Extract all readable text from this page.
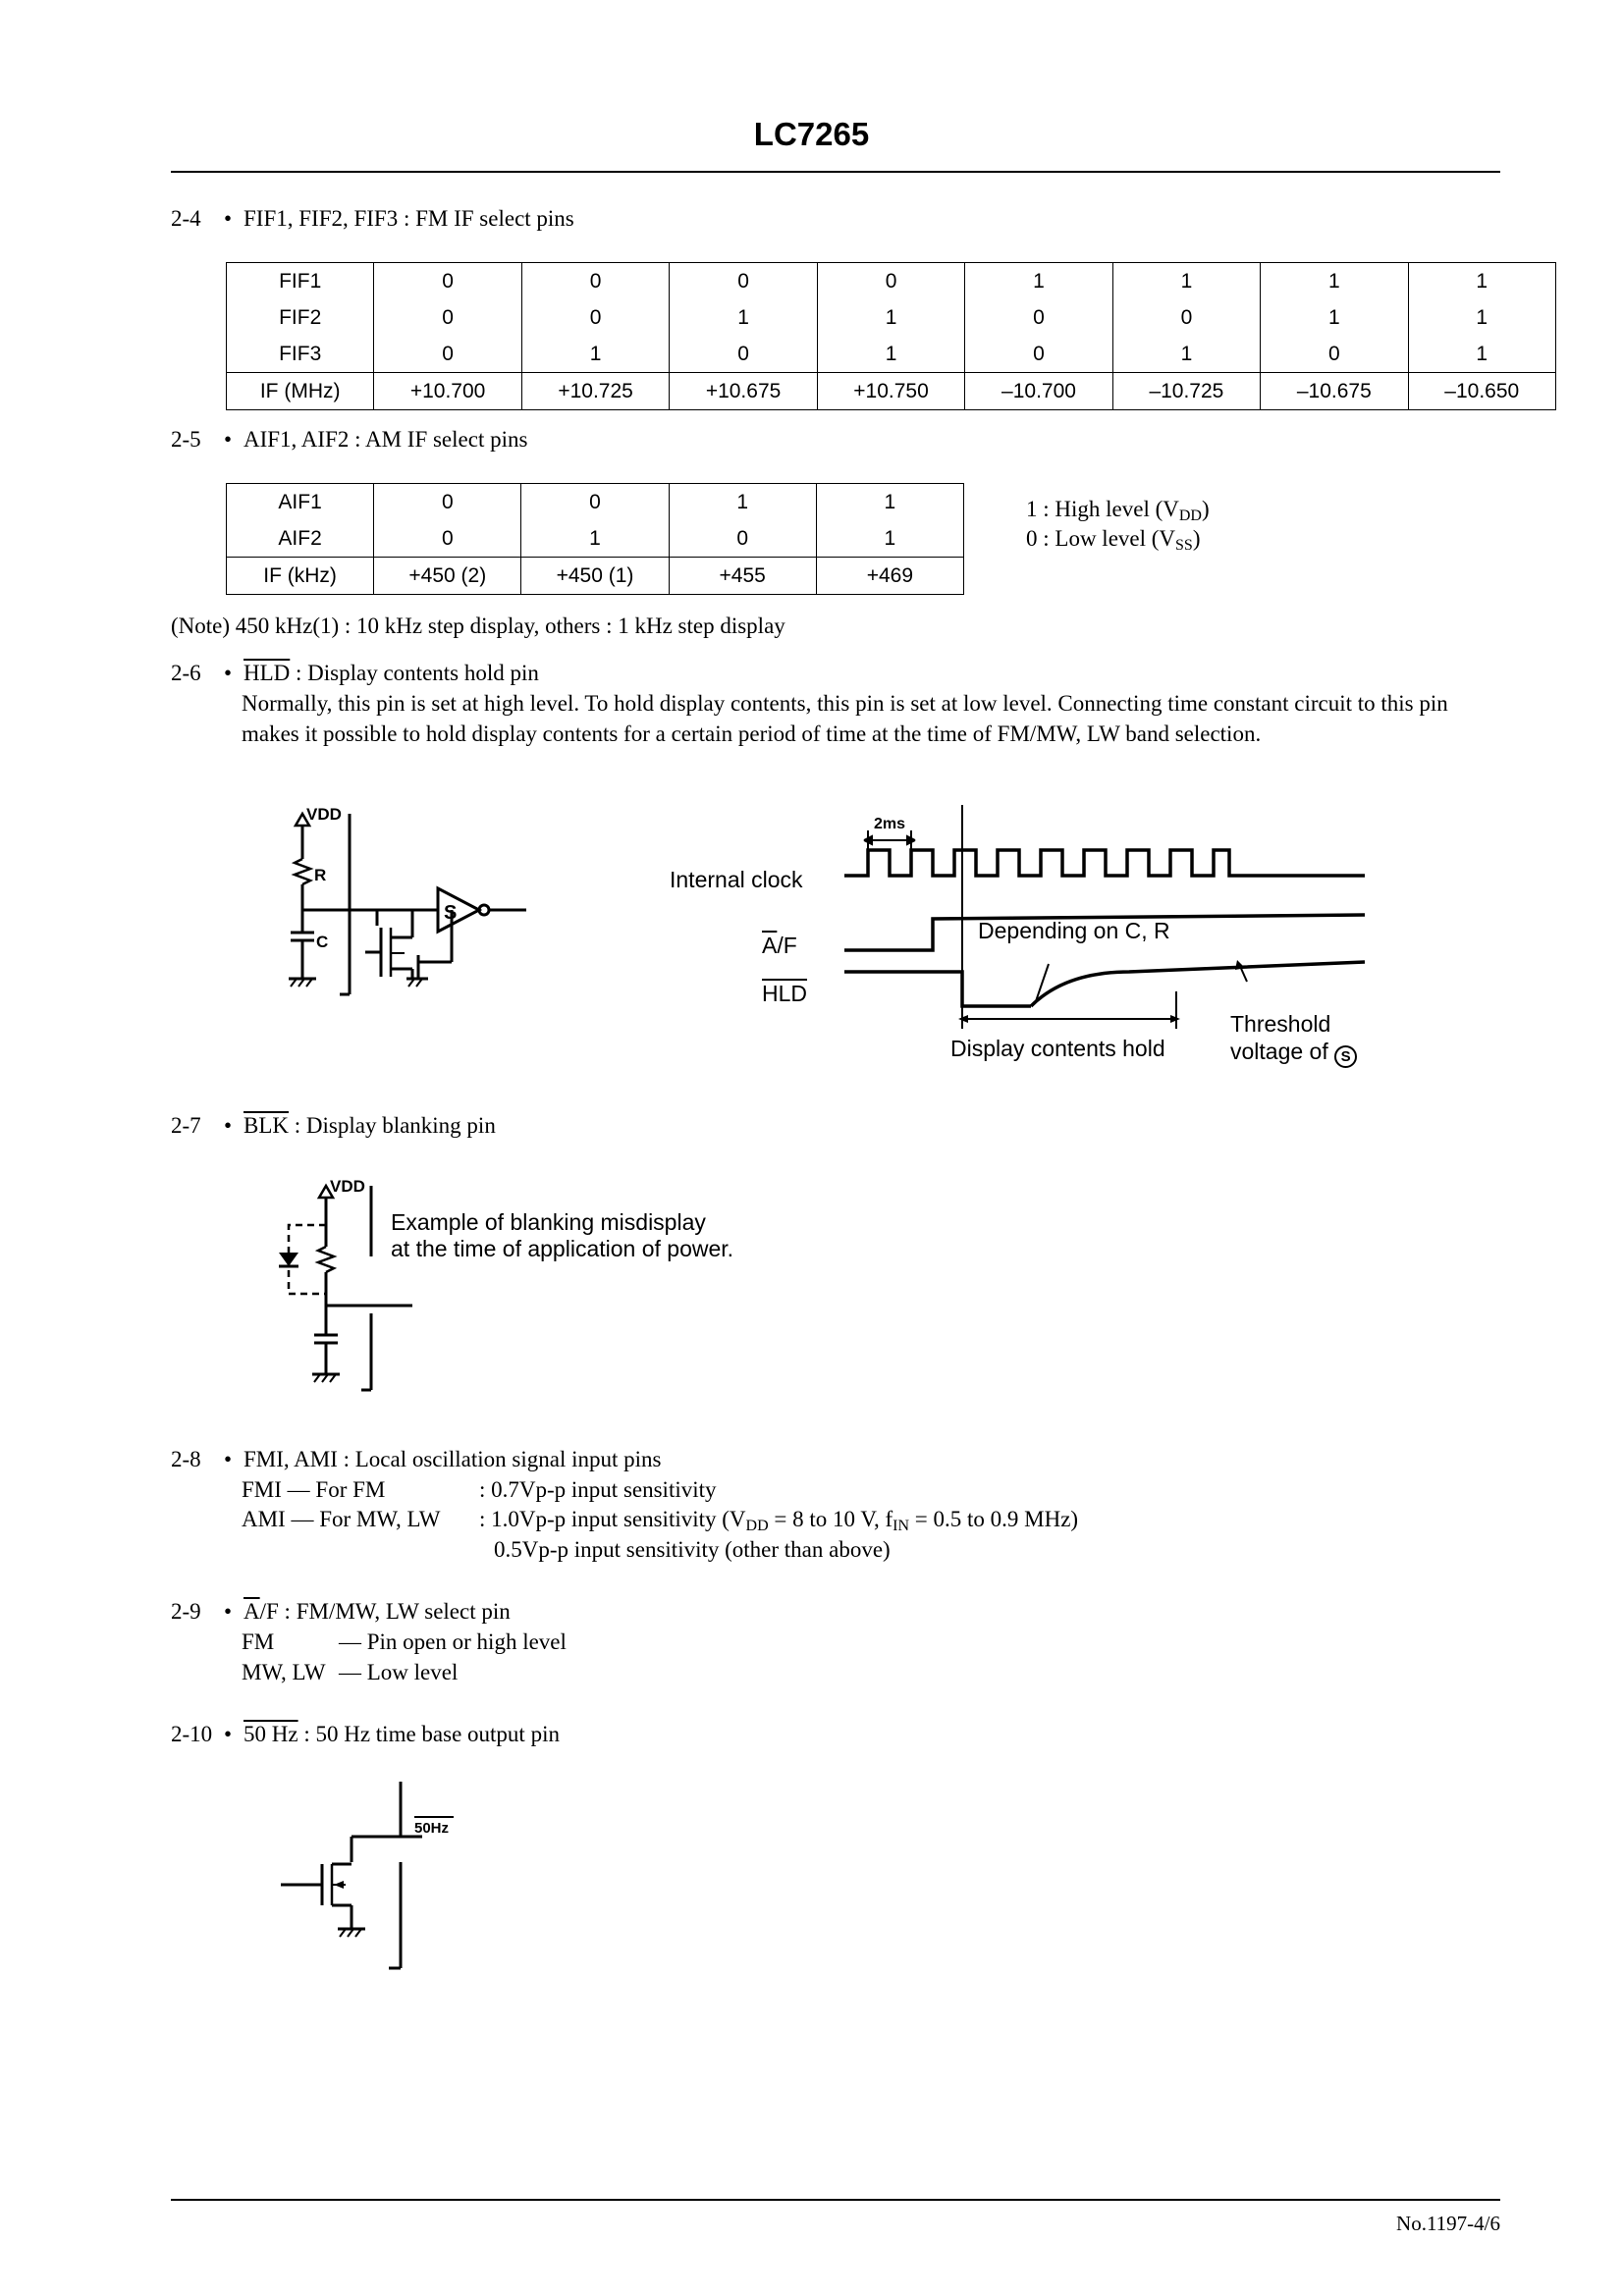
LC7265
2-4 • FIF1, FIF2, FIF3 : FM IF select pins
FIF1	0	0	0	0	1	1	1	1
FIF2	0	0	1	1	0	0	1	1
FIF3	0	1	0	1	0	1	0	1
IF (MHz)	+10.700	+10.725	+10.675	+10.750	–10.700	–10.725	–10.675	–10.650
2-5 • AIF1, AIF2 : AM IF select pins
AIF1	0	0	1	1
AIF2	0	1	0	1
IF (kHz)	+450 (2)	+450 (1)	+455	+469
1 : High level $(V_{DD})$
0 : Low level $(V_{SS})$
(Note) 450 kHz(1) : 10 kHz step display, others : 1 kHz step display
2-6 • $\overline{HLD}$ : Display contents hold pin
Normally, this pin is set at high level. To hold display contents, this pin is set at low level. Connecting time constant circuit to this pin makes it possible to hold display contents for a certain period of time at the time of FM/MW, LW band selection.
VDD
R
C
S
2ms
Internal clock
$\overline{A}/F$
$\overline{HLD}$
Depending on C, R
Display contents hold
Threshold
voltage of S
2-7 • $\overline{BLK}$ : Display blanking pin
VDD
Example of blanking misdisplay
at the time of application of power.
2-8 • FMI, AMI : Local oscillation signal input pins
FMI — For FM	: 0.7Vp-p input sensitivity
AMI — For MW, LW : 1.0Vp-p input sensitivity ($V_{DD} = 8$ to 10 V, $f_{IN} = 0.5$ to 0.9 MHz)
0.5Vp-p input sensitivity (other than above)
2-9 • $\overline{A}/F$ : FM/MW, LW select pin
FM	— Pin open or high level
MW, LW — Low level
2-10 • 50 Hz : 50 Hz time base output pin
50Hz
No.1197-4/6
